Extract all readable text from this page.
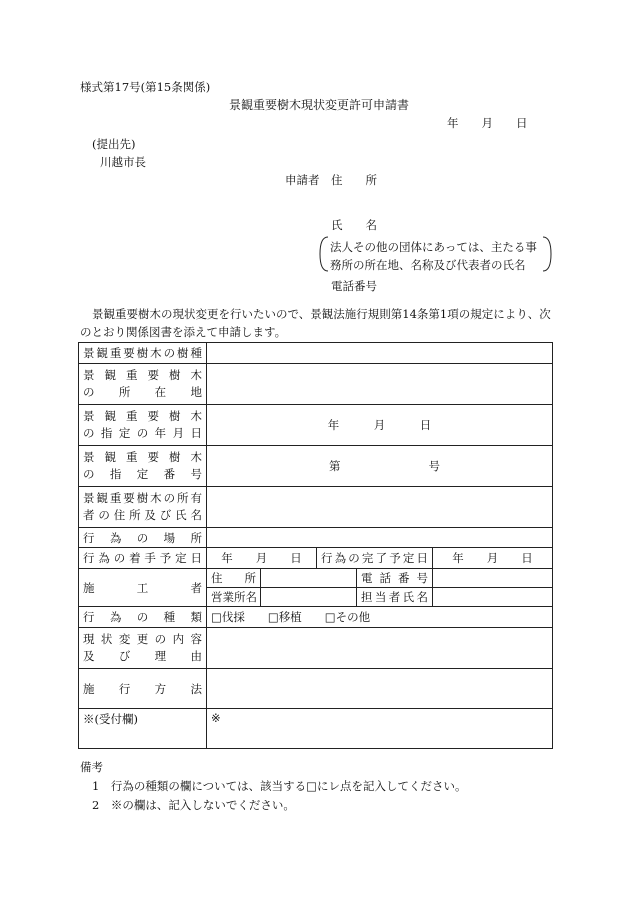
様式第17号(第15条関係)
景観重要樹木現状変更許可申請書
年　　月　　日
(提出先)
川越市長
申請者　住　　所
氏　　名
法人その他の団体にあっては、主たる事
務所の所在地、名称及び代表者の氏名
電話番号
景観重要樹木の現状変更を行いたいので、景観法施行規則第14条第1項の規定により、次
のとおり関係図書を添えて申請します。
景観重要樹木の樹種					

景観重要樹木
の所在地					

景観重要樹木
の指定の年月日	年　　　月　　　日				

景観重要樹木
の指定番号	第 号				

景観重要樹木の所有
者の住所及び氏名					

行為の場所					
行為の着手予定日	年　　月　　日		行為の完了予定日		年　　月　　日
施工者	住　所			電話番号	
	営業所名			担当者氏名	
行為の種類	□伐採　　□移植　　□その他				

現状変更の内容
及び理由					

施行方法					
※(受付欄)	※				
備考
1　行為の種類の欄については、該当する□にレ点を記入してください。
2　※の欄は、記入しないでください。
